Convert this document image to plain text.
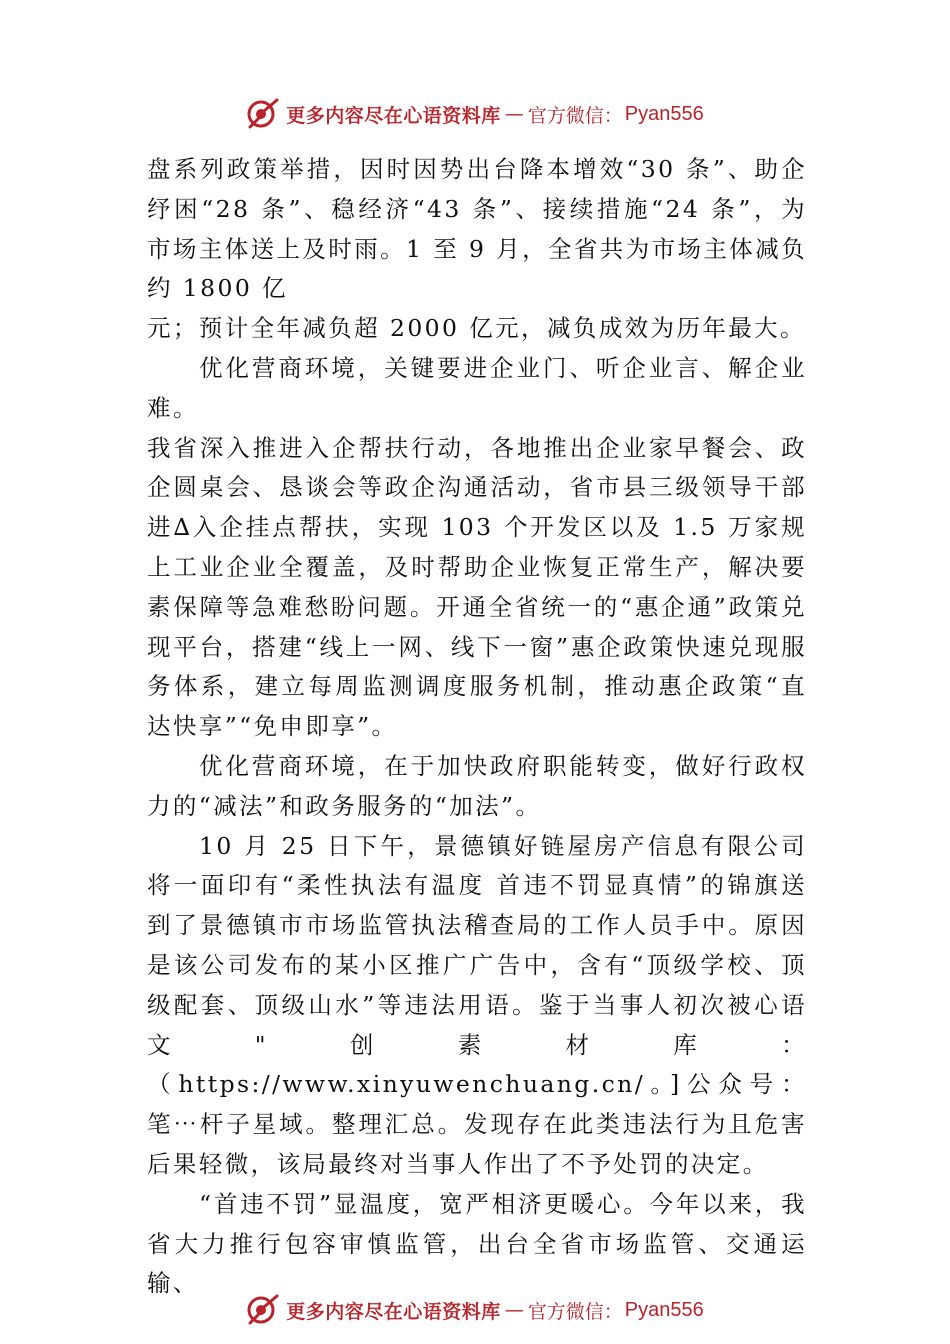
更多内容尽在心语资料库 — 官方微信： Pyan556

盘系列政策举措，因时因势出台降本增效“30 条”、助企纾困“28 条”、稳经济“43 条”、接续措施“24 条”，为市场主体送上及时雨。1 至 9 月，全省共为市场主体减负约 1800 亿

元；预计全年减负超 2000 亿元，减负成效为历年最大。

优化营商环境，关键要进企业门、听企业言、解企业难。

我省深入推进入企帮扶行动，各地推出企业家早餐会、政企圆桌会、恳谈会等政企沟通活动，省市县三级领导干部进∆入企挂点帮扶，实现 103 个开发区以及 1.5 万家规上工业企业全覆盖，及时帮助企业恢复正常生产，解决要素保障等急难愁盼问题。开通全省统一的“惠企通”政策兑现平台，搭建“线上一网、线下一窗”惠企政策快速兑现服务体系，建立每周监测调度服务机制，推动惠企政策“直达快享”“免申即享”。

优化营商环境，在于加快政府职能转变，做好行政权力的“减法”和政务服务的“加法”。

10 月 25 日下午，景德镇好链屋房产信息有限公司将一面印有“柔性执法有温度 首违不罚显真情”的锦旗送到了景德镇市市场监管执法稽查局的工作人员手中。原因是该公司发布的某小区推广广告中，含有“顶级学校、顶级配套、顶级山水”等违法用语。鉴于当事人初次被心语文"创素材库：（https://www.xinyuwenchuang.cn/。]公众号：笔⋯杆子星域。整理汇总。发现存在此类违法行为且危害后果轻微，该局最终对当事人作出了不予处罚的决定。

“首违不罚”显温度，宽严相济更暖心。今年以来，我省大力推行包容审慎监管，出台全省市场监管、交通运输、

更多内容尽在心语资料库 — 官方微信： Pyan556
